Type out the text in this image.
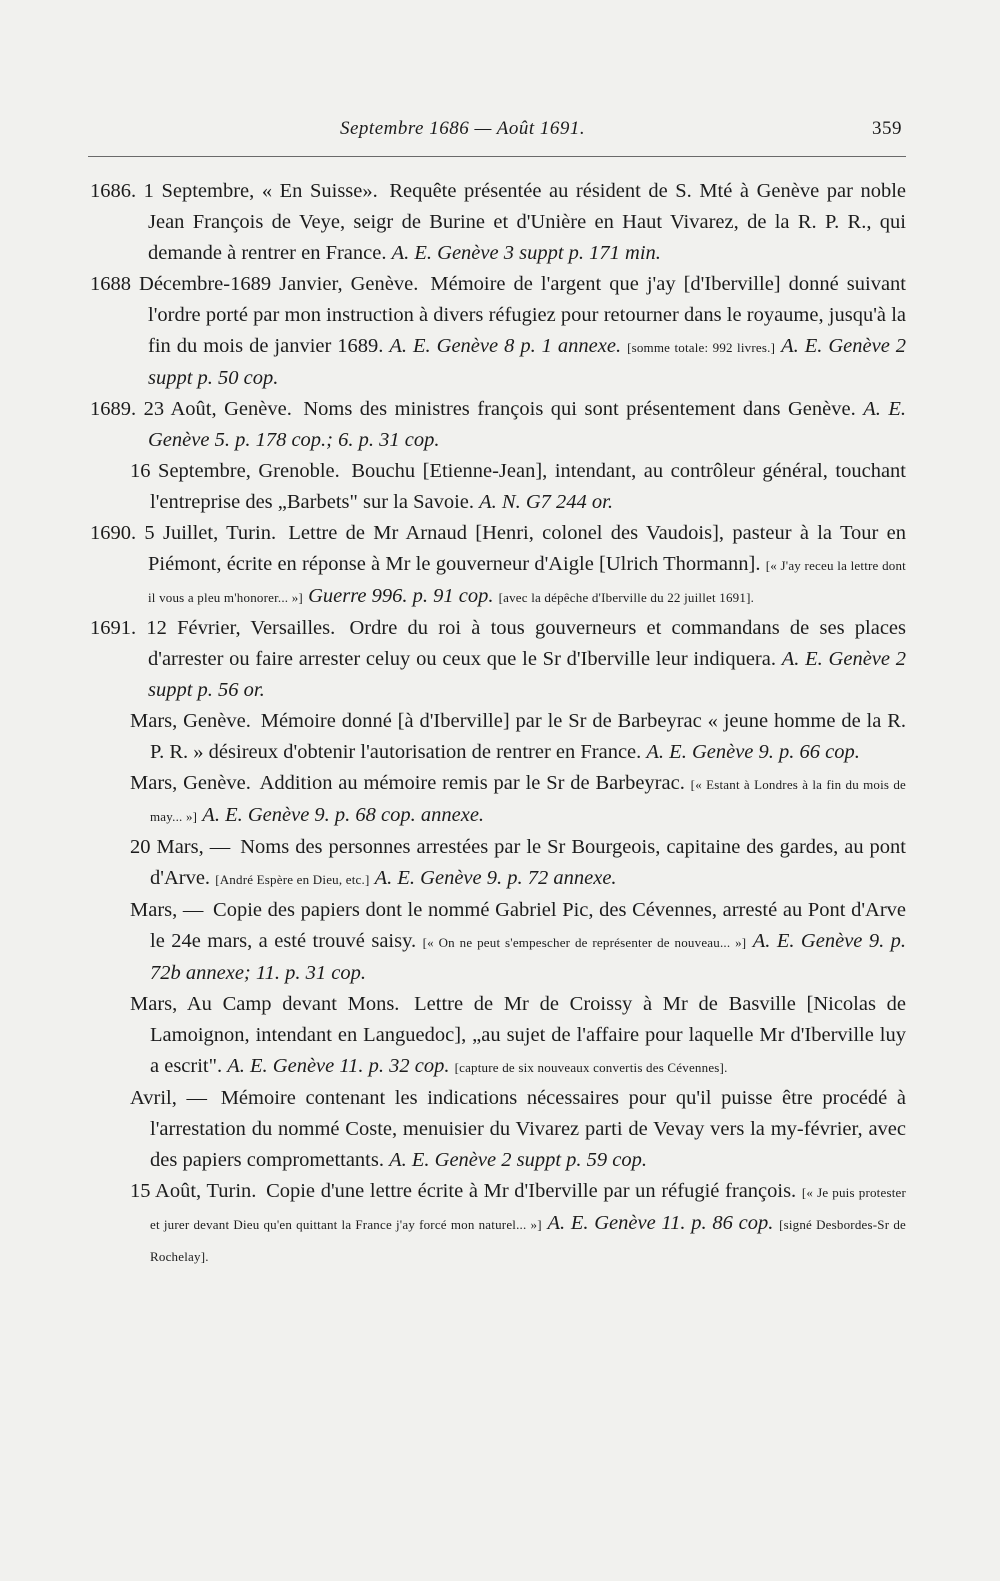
Septembre 1686 — Août 1691.	359

1686. 1 Septembre, « En Suisse». Requête présentée au résident de S. Mté à Genève par noble Jean François de Veye, seigr de Burine et d'Unière en Haut Vivarez, de la R. P. R., qui demande à rentrer en France. A. E. Genève 3 suppt p. 171 min.

1688 Décembre-1689 Janvier, Genève. Mémoire de l'argent que j'ay [d'Iberville] donné suivant l'ordre porté par mon instruction à divers réfugiez pour retourner dans le royaume, jusqu'à la fin du mois de janvier 1689. A. E. Genève 8 p. 1 annexe. [somme totale: 992 livres.] A. E. Genève 2 suppt p. 50 cop.

1689. 23 Août, Genève. Noms des ministres françois qui sont présentement dans Genève. A. E. Genève 5. p. 178 cop.; 6. p. 31 cop.

16 Septembre, Grenoble. Bouchu [Etienne-Jean], intendant, au contrôleur général, touchant l'entreprise des „Barbets" sur la Savoie. A. N. G7 244 or.

1690. 5 Juillet, Turin. Lettre de Mr Arnaud [Henri, colonel des Vaudois], pasteur à la Tour en Piémont, écrite en réponse à Mr le gouverneur d'Aigle [Ulrich Thormann]. [« J'ay receu la lettre dont il vous a pleu m'honorer... »] Guerre 996. p. 91 cop. [avec la dépêche d'Iberville du 22 juillet 1691].

1691. 12 Février, Versailles. Ordre du roi à tous gouverneurs et commandans de ses places d'arrester ou faire arrester celuy ou ceux que le Sr d'Iberville leur indiquera. A. E. Genève 2 suppt p. 56 or.

Mars, Genève. Mémoire donné [à d'Iberville] par le Sr de Barbeyrac « jeune homme de la R. P. R. » désireux d'obtenir l'autorisation de rentrer en France. A. E. Genève 9. p. 66 cop.

Mars, Genève. Addition au mémoire remis par le Sr de Barbeyrac. [« Estant à Londres à la fin du mois de may... »] A. E. Genève 9. p. 68 cop. annexe.

20 Mars, — Noms des personnes arrestées par le Sr Bourgeois, capitaine des gardes, au pont d'Arve. [André Espère en Dieu, etc.] A. E. Genève 9. p. 72 annexe.

Mars, — Copie des papiers dont le nommé Gabriel Pic, des Cévennes, arresté au Pont d'Arve le 24e mars, a esté trouvé saisy. [« On ne peut s'empescher de représenter de nouveau... »] A. E. Genève 9. p. 72b annexe; 11. p. 31 cop.

Mars, Au Camp devant Mons. Lettre de Mr de Croissy à Mr de Basville [Nicolas de Lamoignon, intendant en Languedoc], „au sujet de l'affaire pour laquelle Mr d'Iberville luy a escrit". A. E. Genève 11. p. 32 cop. [capture de six nouveaux convertis des Cévennes].

Avril, — Mémoire contenant les indications nécessaires pour qu'il puisse être procédé à l'arrestation du nommé Coste, menuisier du Vivarez parti de Vevay vers la my-février, avec des papiers compromettants. A. E. Genève 2 suppt p. 59 cop.

15 Août, Turin. Copie d'une lettre écrite à Mr d'Iberville par un réfugié françois. [« Je puis protester et jurer devant Dieu qu'en quittant la France j'ay forcé mon naturel... »] A. E. Genève 11. p. 86 cop. [signé Desbordes-Sr de Rochelay].
